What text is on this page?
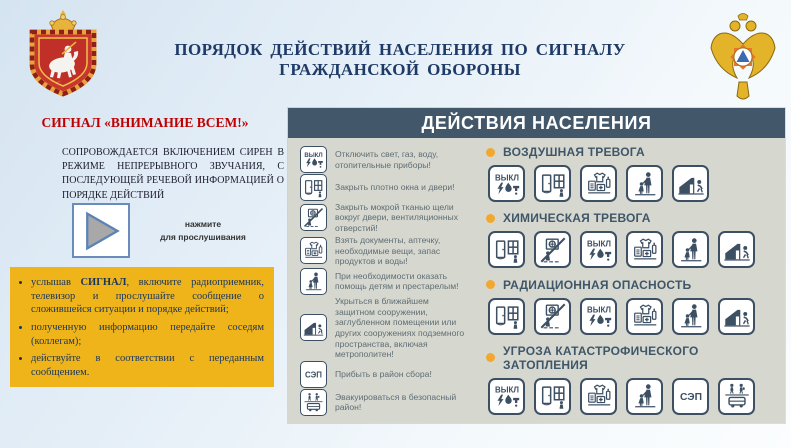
ПОРЯДОК ДЕЙСТВИЙ НАСЕЛЕНИЯ ПО СИГНАЛУ ГРАЖДАНСКОЙ ОБОРОНЫ
СИГНАЛ «ВНИМАНИЕ ВСЕМ!»
СОПРОВОЖДАЕТСЯ ВКЛЮЧЕНИЕМ СИРЕН В РЕЖИМЕ НЕПРЕРЫВНОГО ЗВУЧАНИЯ, С ПОСЛЕДУЮЩЕЙ РЕЧЕВОЙ ИНФОРМАЦИЕЙ О ПОРЯДКЕ ДЕЙСТВИЙ
нажмите
для прослушивания
• услышав СИГНАЛ, включите радиоприемник, телевизор и прослушайте сообщение о сложившейся ситуации и порядке действий;
• полученную информацию передайте соседям (коллегам);
• действуйте в соответствии с переданным сообщением.
ДЕЙСТВИЯ НАСЕЛЕНИЯ
ВЫКЛ Отключить свет, газ, воду, отопительные приборы!
Закрыть плотно окна и двери!
Закрыть мокрой тканью щели вокруг двери, вентиляционных отверстий!
Взять документы, аптечку, необходимые вещи, запас продуктов и воды!
При необходимости оказать помощь детям и престарелым!
Укрыться в ближайшем защитном сооружении, заглубленном помещении или других сооружениях подземного пространства, включая метрополитен!
СЭП Прибыть в район сбора!
Эвакуироваться в безопасный район!
ВОЗДУШНАЯ ТРЕВОГА
ВЫКЛ
ХИМИЧЕСКАЯ ТРЕВОГА
ВЫКЛ
РАДИАЦИОННАЯ ОПАСНОСТЬ
ВЫКЛ
УГРОЗА КАТАСТРОФИЧЕСКОГО ЗАТОПЛЕНИЯ
ВЫКЛ
СЭП
